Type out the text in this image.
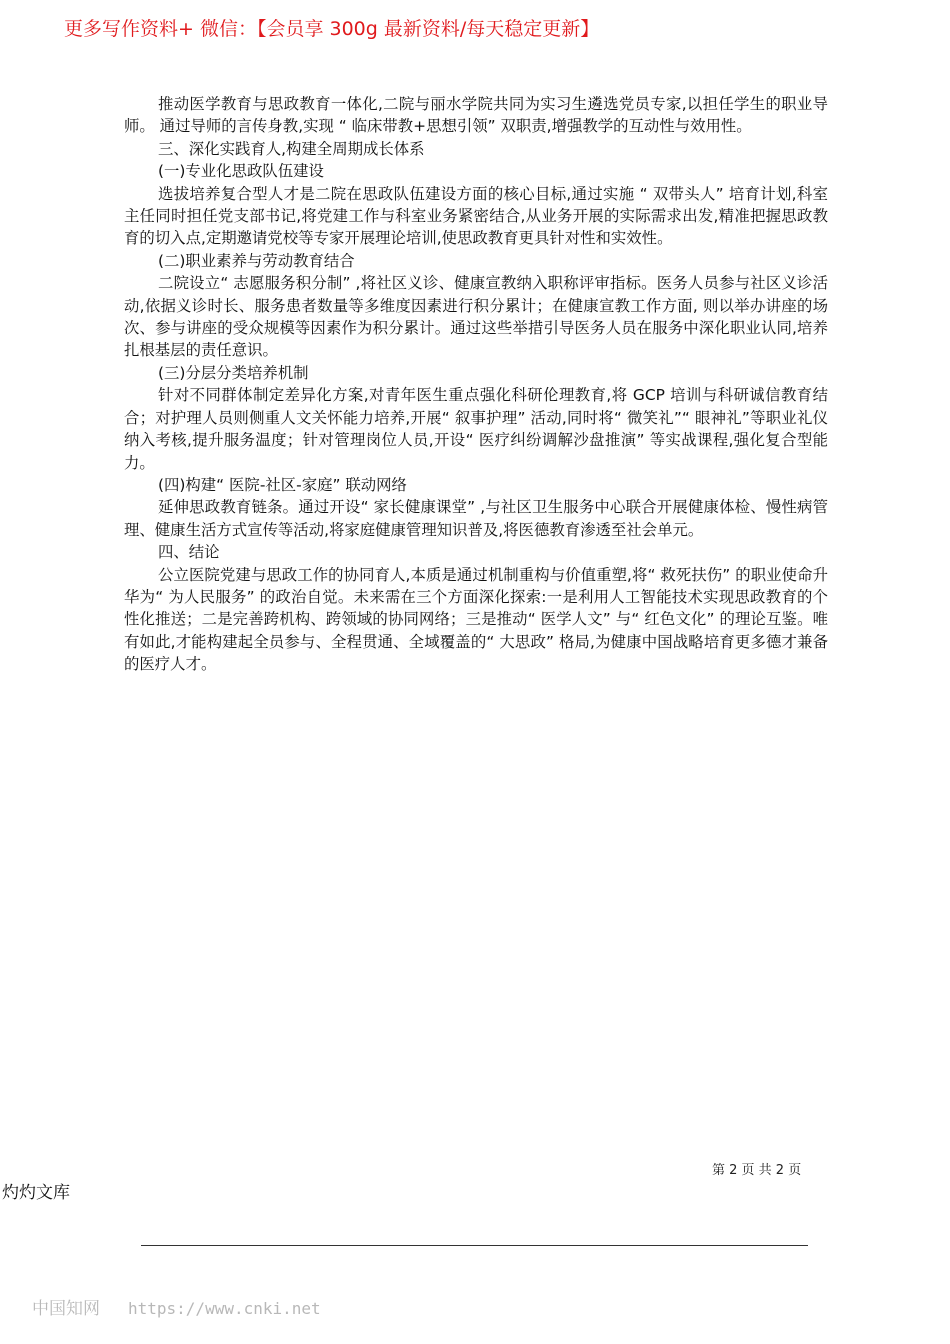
更多写作资料+ 微信：【会员享 300g 最新资料/每天稳定更新】

推动医学教育与思政教育一体化,二院与丽水学院共同为实习生遴选党员专家,以担任学生的职业导师。 通过导师的言传身教,实现 “ 临床带教+思想引领” 双职责,增强教学的互动性与效用性。

三、深化实践育人,构建全周期成长体系
(一)专业化思政队伍建设

选拔培养复合型人才是二院在思政队伍建设方面的核心目标,通过实施 “ 双带头人” 培育计划,科室主任同时担任党支部书记,将党建工作与科室业务紧密结合,从业务开展的实际需求出发,精准把握思政教育的切入点,定期邀请党校等专家开展理论培训,使思政教育更具针对性和实效性。

(二)职业素养与劳动教育结合

二院设立“ 志愿服务积分制” ,将社区义诊、健康宣教纳入职称评审指标。医务人员参与社区义诊活动,依据义诊时长、服务患者数量等多维度因素进行积分累计；在健康宣教工作方面, 则以举办讲座的场次、参与讲座的受众规模等因素作为积分累计。通过这些举措引导医务人员在服务中深化职业认同,培养扎根基层的责任意识。

(三)分层分类培养机制

针对不同群体制定差异化方案,对青年医生重点强化科研伦理教育,将 GCP 培训与科研诚信教育结合；对护理人员则侧重人文关怀能力培养,开展“ 叙事护理” 活动,同时将“ 微笑礼”“ 眼神礼”等职业礼仪纳入考核,提升服务温度；针对管理岗位人员,开设“ 医疗纠纷调解沙盘推演” 等实战课程,强化复合型能力。

(四)构建“ 医院-社区-家庭” 联动网络

延伸思政教育链条。通过开设“ 家长健康课堂” ,与社区卫生服务中心联合开展健康体检、慢性病管理、健康生活方式宣传等活动,将家庭健康管理知识普及,将医德教育渗透至社会单元。

四、结论

公立医院党建与思政工作的协同育人,本质是通过机制重构与价值重塑,将“ 救死扶伤” 的职业使命升华为“ 为人民服务” 的政治自觉。未来需在三个方面深化探索:一是利用人工智能技术实现思政教育的个性化推送；二是完善跨机构、跨领域的协同网络；三是推动“ 医学人文” 与“ 红色文化” 的理论互鉴。唯有如此,才能构建起全员参与、全程贯通、全域覆盖的“ 大思政” 格局,为健康中国战略培育更多德才兼备的医疗人才。

第 2 页 共 2 页
灼灼文库
中国知网 https://www.cnki.net
